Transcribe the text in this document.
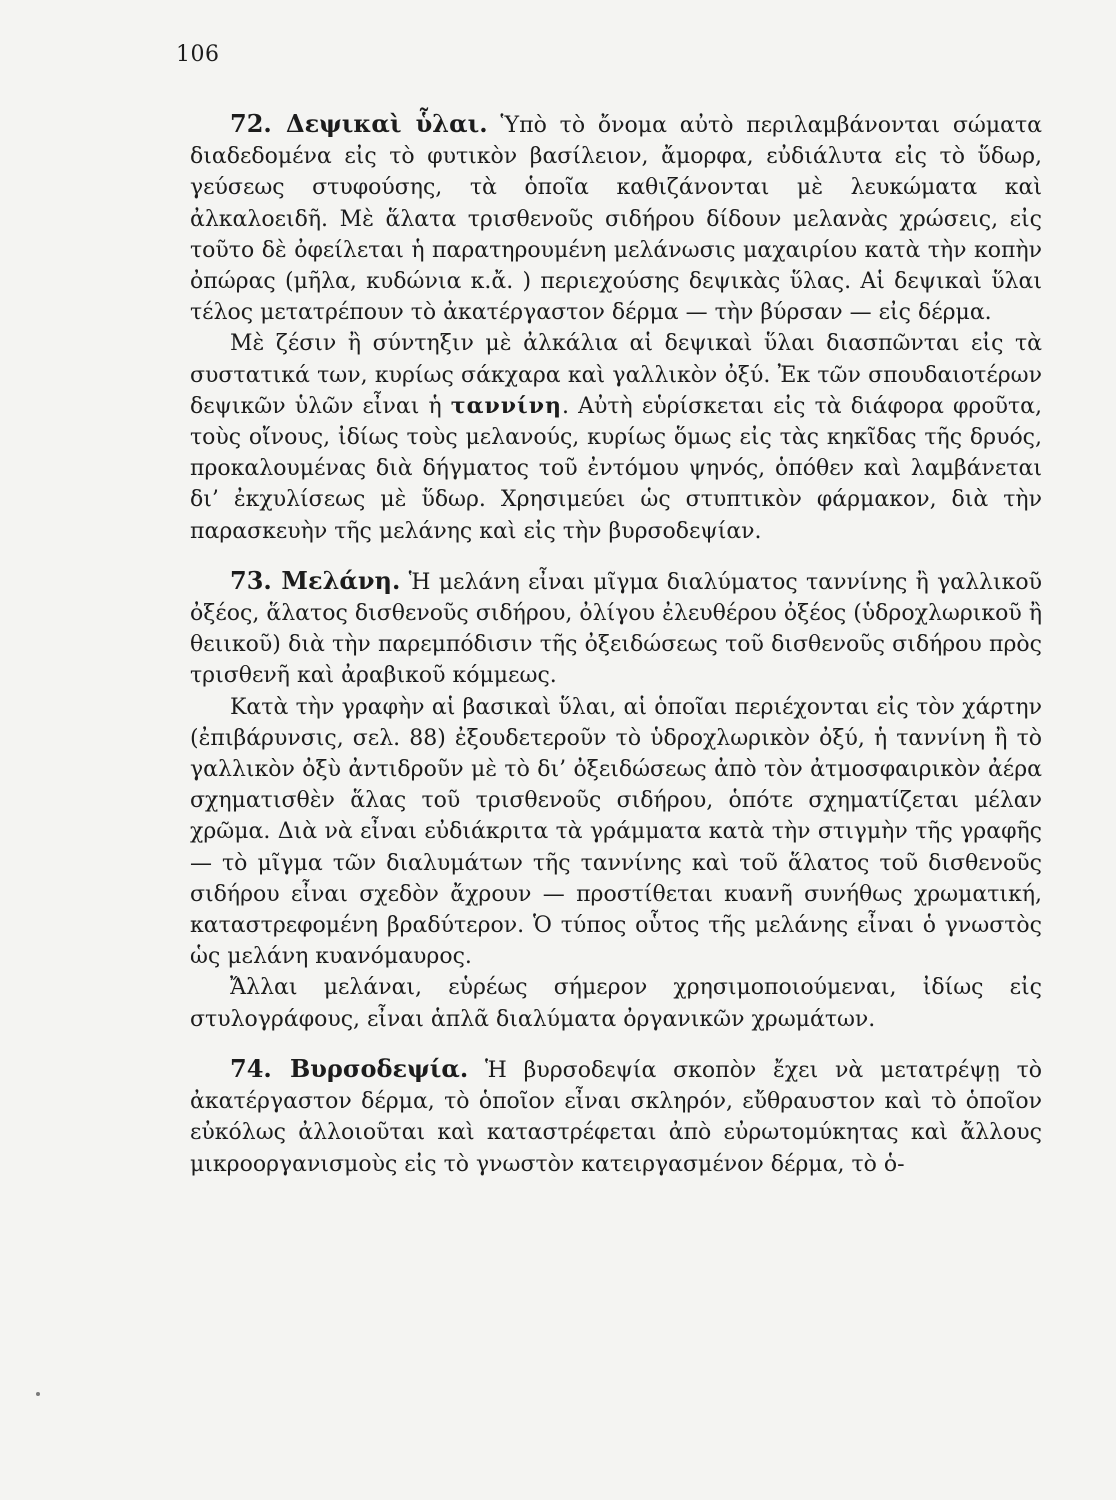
106

72. Δεψικαὶ ὗλαι. Ὑπὸ τὸ ὄνομα αὐτὸ περιλαμβάνονται σώματα διαδεδομένα εἰς τὸ φυτικὸν βασίλειον, ἄμορφα, εὐδιάλυτα εἰς τὸ ὕδωρ, γεύσεως στυφούσης, τὰ ὁποῖα καθιζάνονται μὲ λευκώματα καὶ ἀλκαλοειδῆ. Μὲ ἅλατα τρισθενοῦς σιδήρου δίδουν μελανὰς χρώσεις, εἰς τοῦτο δὲ ὀφείλεται ἡ παρατηρουμένη μελάνωσις μαχαιρίου κατὰ τὴν κοπὴν ὀπώρας (μῆλα, κυδώνια κ.ἄ. ) περιεχούσης δεψικὰς ὕλας. Αἱ δεψικαὶ ὕλαι τέλος μετατρέπουν τὸ ἀκατέργαστον δέρμα — τὴν βύρσαν — εἰς δέρμα.

Μὲ ζέσιν ἢ σύντηξιν μὲ ἀλκάλια αἱ δεψικαὶ ὕλαι διασπῶνται εἰς τὰ συστατικά των, κυρίως σάκχαρα καὶ γαλλικὸν ὀξύ. Ἐκ τῶν σπουδαιοτέρων δεψικῶν ὑλῶν εἶναι ἡ ταννίνη. Αὐτὴ εὑρίσκεται εἰς τὰ διάφορα φροῦτα, τοὺς οἴνους, ἰδίως τοὺς μελανούς, κυρίως ὅμως εἰς τὰς κηκῖδας τῆς δρυός, προκαλουμένας διὰ δήγματος τοῦ ἐντόμου ψηνός, ὁπόθεν καὶ λαμβάνεται δι’ ἐκχυλίσεως μὲ ὕδωρ. Χρησιμεύει ὡς στυπτικὸν φάρμακον, διὰ τὴν παρασκευὴν τῆς μελάνης καὶ εἰς τὴν βυρσοδεψίαν.

73. Μελάνη. Ἡ μελάνη εἶναι μῖγμα διαλύματος ταννίνης ἢ γαλλικοῦ ὀξέος, ἅλατος δισθενοῦς σιδήρου, ὀλίγου ἐλευθέρου ὀξέος (ὑδροχλωρικοῦ ἢ θειικοῦ) διὰ τὴν παρεμπόδισιν τῆς ὀξειδώσεως τοῦ δισθενοῦς σιδήρου πρὸς τρισθενῆ καὶ ἀραβικοῦ κόμμεως.

Κατὰ τὴν γραφὴν αἱ βασικαὶ ὕλαι, αἱ ὁποῖαι περιέχονται εἰς τὸν χάρτην (ἐπιβάρυνσις, σελ. 88) ἐξουδετεροῦν τὸ ὑδροχλωρικὸν ὀξύ, ἡ ταννίνη ἢ τὸ γαλλικὸν ὀξὺ ἀντιδροῦν μὲ τὸ δι’ ὀξειδώσεως ἀπὸ τὸν ἀτμοσφαιρικὸν ἀέρα σχηματισθὲν ἅλας τοῦ τρισθενοῦς σιδήρου, ὁπότε σχηματίζεται μέλαν χρῶμα. Διὰ νὰ εἶναι εὐδιάκριτα τὰ γράμματα κατὰ τὴν στιγμὴν τῆς γραφῆς — τὸ μῖγμα τῶν διαλυμάτων τῆς ταννίνης καὶ τοῦ ἅλατος τοῦ δισθενοῦς σιδήρου εἶναι σχεδὸν ἄχρουν — προστίθεται κυανῆ συνήθως χρωματική, καταστρεφομένη βραδύτερον. Ὁ τύπος οὗτος τῆς μελάνης εἶναι ὁ γνωστὸς ὡς μελάνη κυανόμαυρος.

Ἄλλαι μελάναι, εὑρέως σήμερον χρησιμοποιούμεναι, ἰδίως εἰς στυλογράφους, εἶναι ἁπλᾶ διαλύματα ὀργανικῶν χρωμάτων.

74. Βυρσοδεψία. Ἡ βυρσοδεψία σκοπὸν ἔχει νὰ μετατρέψῃ τὸ ἀκατέργαστον δέρμα, τὸ ὁποῖον εἶναι σκληρόν, εὔθραυστον καὶ τὸ ὁποῖον εὐκόλως ἀλλοιοῦται καὶ καταστρέφεται ἀπὸ εὐρωτομύκητας καὶ ἄλλους μικροοργανισμοὺς εἰς τὸ γνωστὸν κατειργασμένον δέρμα, τὸ ὁ-
